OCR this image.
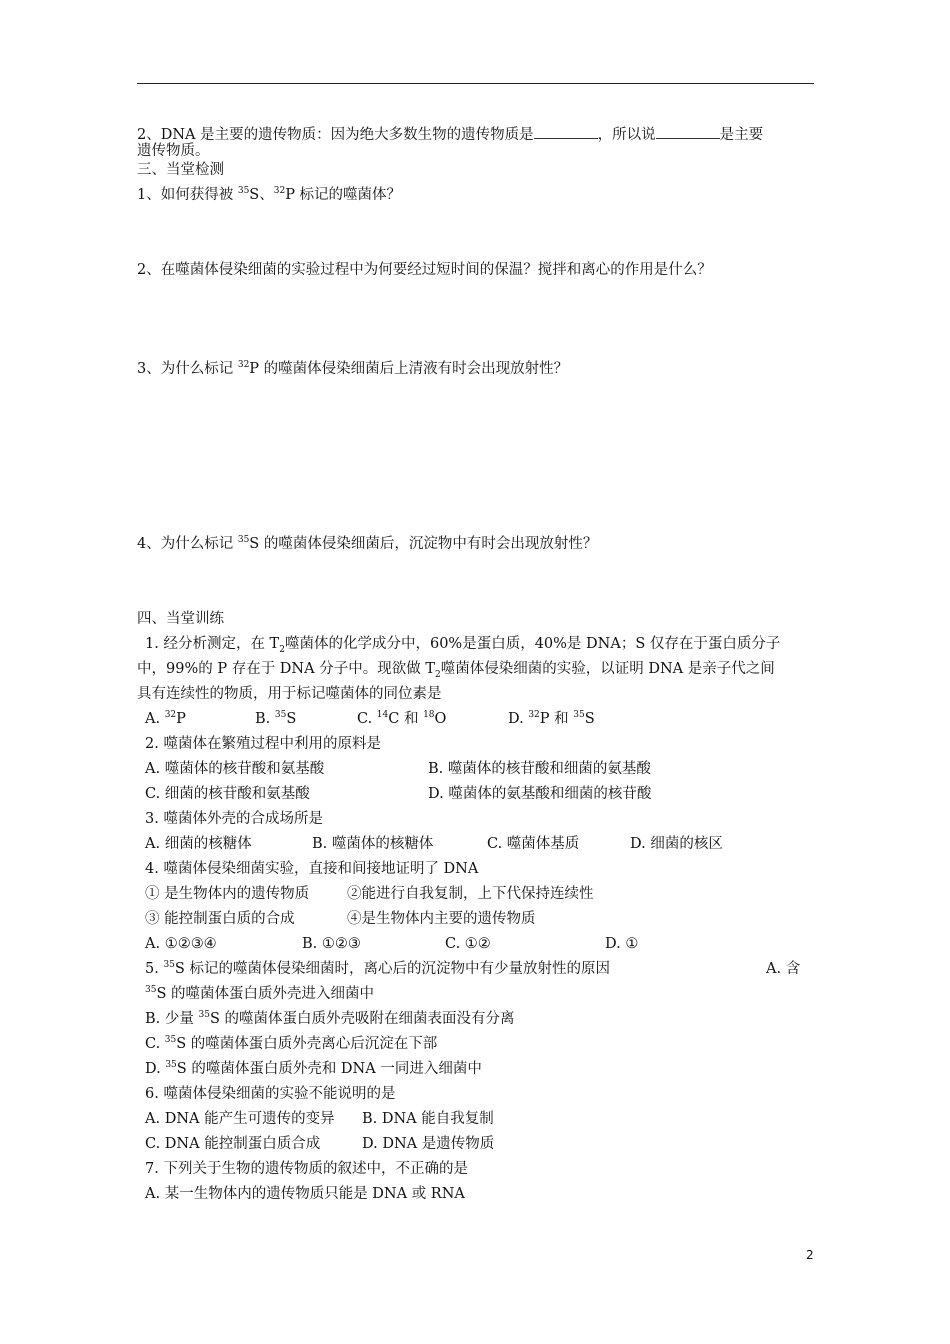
2、DNA 是主要的遗传物质：因为绝大多数生物的遗传物质是	，所以说	是主要
遗传物质。
三、当堂检测
1、如何获得被 $^{35}$S、$^{32}$P 标记的噬菌体？
2、在噬菌体侵染细菌的实验过程中为何要经过短时间的保温？搅拌和离心的作用是什么？
3、为什么标记 $^{32}$P 的噬菌体侵染细菌后上清液有时会出现放射性？
4、为什么标记 $^{35}$S 的噬菌体侵染细菌后，沉淀物中有时会出现放射性？
四、当堂训练
1. 经分析测定，在 $T_2$噬菌体的化学成分中，60%是蛋白质，40%是 DNA；S 仅存在于蛋白质分子
中，99%的 P 存在于 DNA 分子中。现欲做 $T_2$噬菌体侵染细菌的实验，以证明 DNA 是亲子代之间
具有连续性的物质，用于标记噬菌体的同位素是
A. $^{32}$P	B. $^{35}$S	C. $^{14}$C 和 $^{18}$O	D. $^{32}$P 和 $^{35}$S
2. 噬菌体在繁殖过程中利用的原料是
A. 噬菌体的核苷酸和氨基酸	B. 噬菌体的核苷酸和细菌的氨基酸
C. 细菌的核苷酸和氨基酸	D. 噬菌体的氨基酸和细菌的核苷酸
3. 噬菌体外壳的合成场所是
A. 细菌的核糖体	B. 噬菌体的核糖体	C. 噬菌体基质	D. 细菌的核区
4. 噬菌体侵染细菌实验，直接和间接地证明了 DNA
① 是生物体内的遗传物质	②能进行自我复制，上下代保持连续性
③ 能控制蛋白质的合成	④是生物体内主要的遗传物质
A. ①②③④	B. ①②③	C. ①②	D. ①
5. $^{35}$S 标记的噬菌体侵染细菌时，离心后的沉淀物中有少量放射性的原因	A. 含
$^{35}$S 的噬菌体蛋白质外壳进入细菌中
B. 少量 $^{35}$S 的噬菌体蛋白质外壳吸附在细菌表面没有分离
C. $^{35}$S 的噬菌体蛋白质外壳离心后沉淀在下部
D. $^{35}$S 的噬菌体蛋白质外壳和 DNA 一同进入细菌中
6. 噬菌体侵染细菌的实验不能说明的是
A. DNA 能产生可遗传的变异 B. DNA 能自我复制
C. DNA 能控制蛋白质合成	D. DNA 是遗传物质
7. 下列关于生物的遗传物质的叙述中，不正确的是
A. 某一生物体内的遗传物质只能是 DNA 或 RNA
2
